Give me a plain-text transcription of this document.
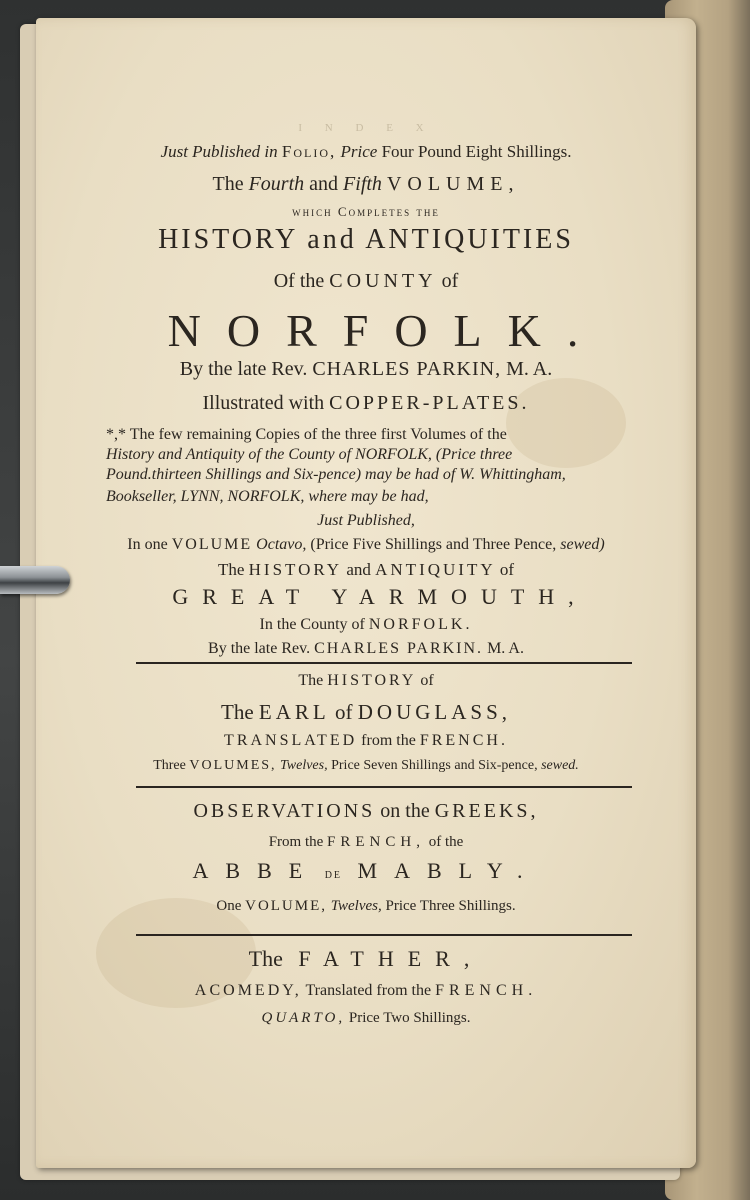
I N D E X
Just Published in Folio, Price Four Pound Eight Shillings.
The Fourth and Fifth VOLUME,
which Completes the
HISTORY and ANTIQUITIES
Of the COUNTY of
NORFOLK.
By the late Rev. CHARLES PARKIN, M. A.
Illustrated with COPPER-PLATES.
*,* The few remaining Copies of the three first Volumes of the
History and Antiquity of the County of NORFOLK, (Price three
Pound.thirteen Shillings and Six-pence) may be had of W. Whittingham,
Bookseller, LYNN, NORFOLK, where may be had,
Just Published,
In one VOLUME Octavo, (Price Five Shillings and Three Pence, sewed)
The HISTORY and ANTIQUITY of
GREAT YARMOUTH,
In the County of NORFOLK.
By the late Rev. CHARLES PARKIN. M. A.
The HISTORY of
The EARL of DOUGLASS,
TRANSLATED from the FRENCH.
Three VOLUMES, Twelves, Price Seven Shillings and Six-pence, sewed.
OBSERVATIONS on the GREEKS,
From the FRENCH, of the
ABBE de MABLY.
One VOLUME, Twelves, Price Three Shillings.
The FATHER,
A COMEDY, Translated from the FRENCH.
QUARTO, Price Two Shillings.
